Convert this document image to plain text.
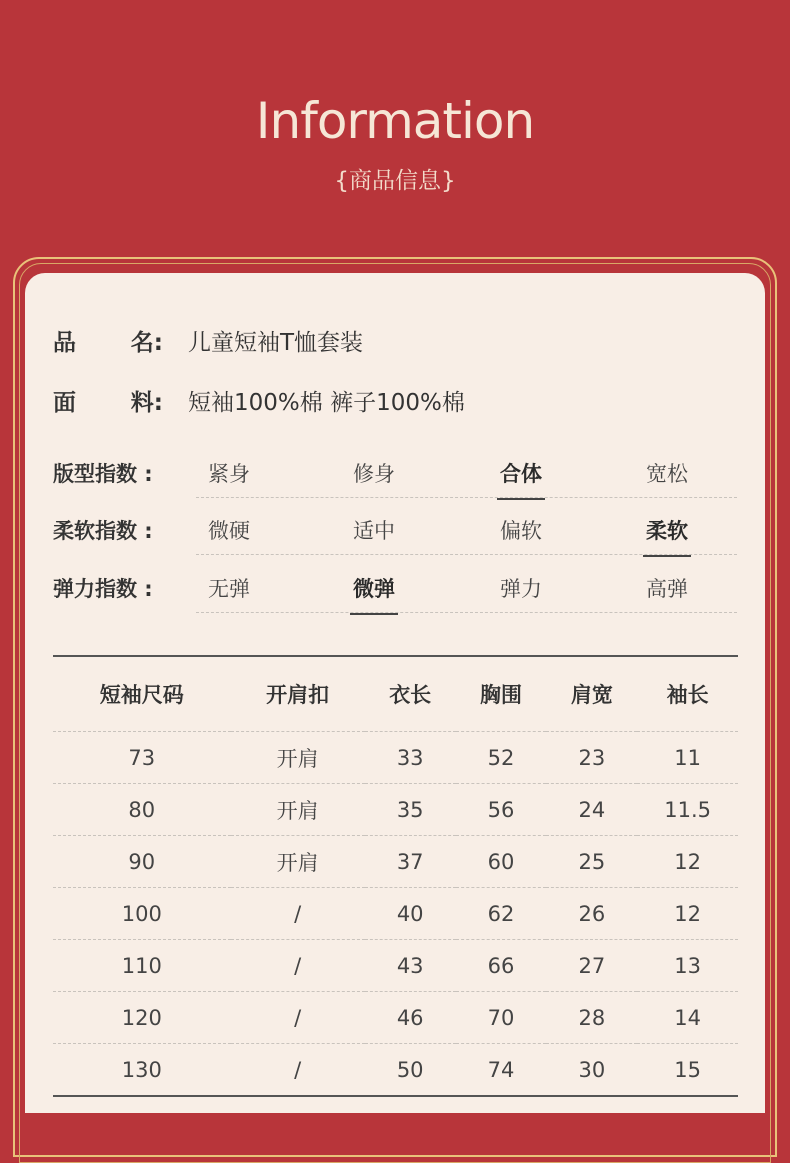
Information
{商品信息}
品 名: 儿童短袖T恤套装
面 料: 短袖100%棉 裤子100%棉
版型指数 :	紧身	修身	合体	宽松
柔软指数 :	微硬	适中	偏软	柔软
弹力指数 :	无弹	微弹	弹力	高弹
短袖尺码	开肩扣	衣长	胸围	肩宽	袖长
73	开肩	33	52	23	11
80	开肩	35	56	24	11.5
90	开肩	37	60	25	12
100	/	40	62	26	12
110	/	43	66	27	13
120	/	46	70	28	14
130	/	50	74	30	15
